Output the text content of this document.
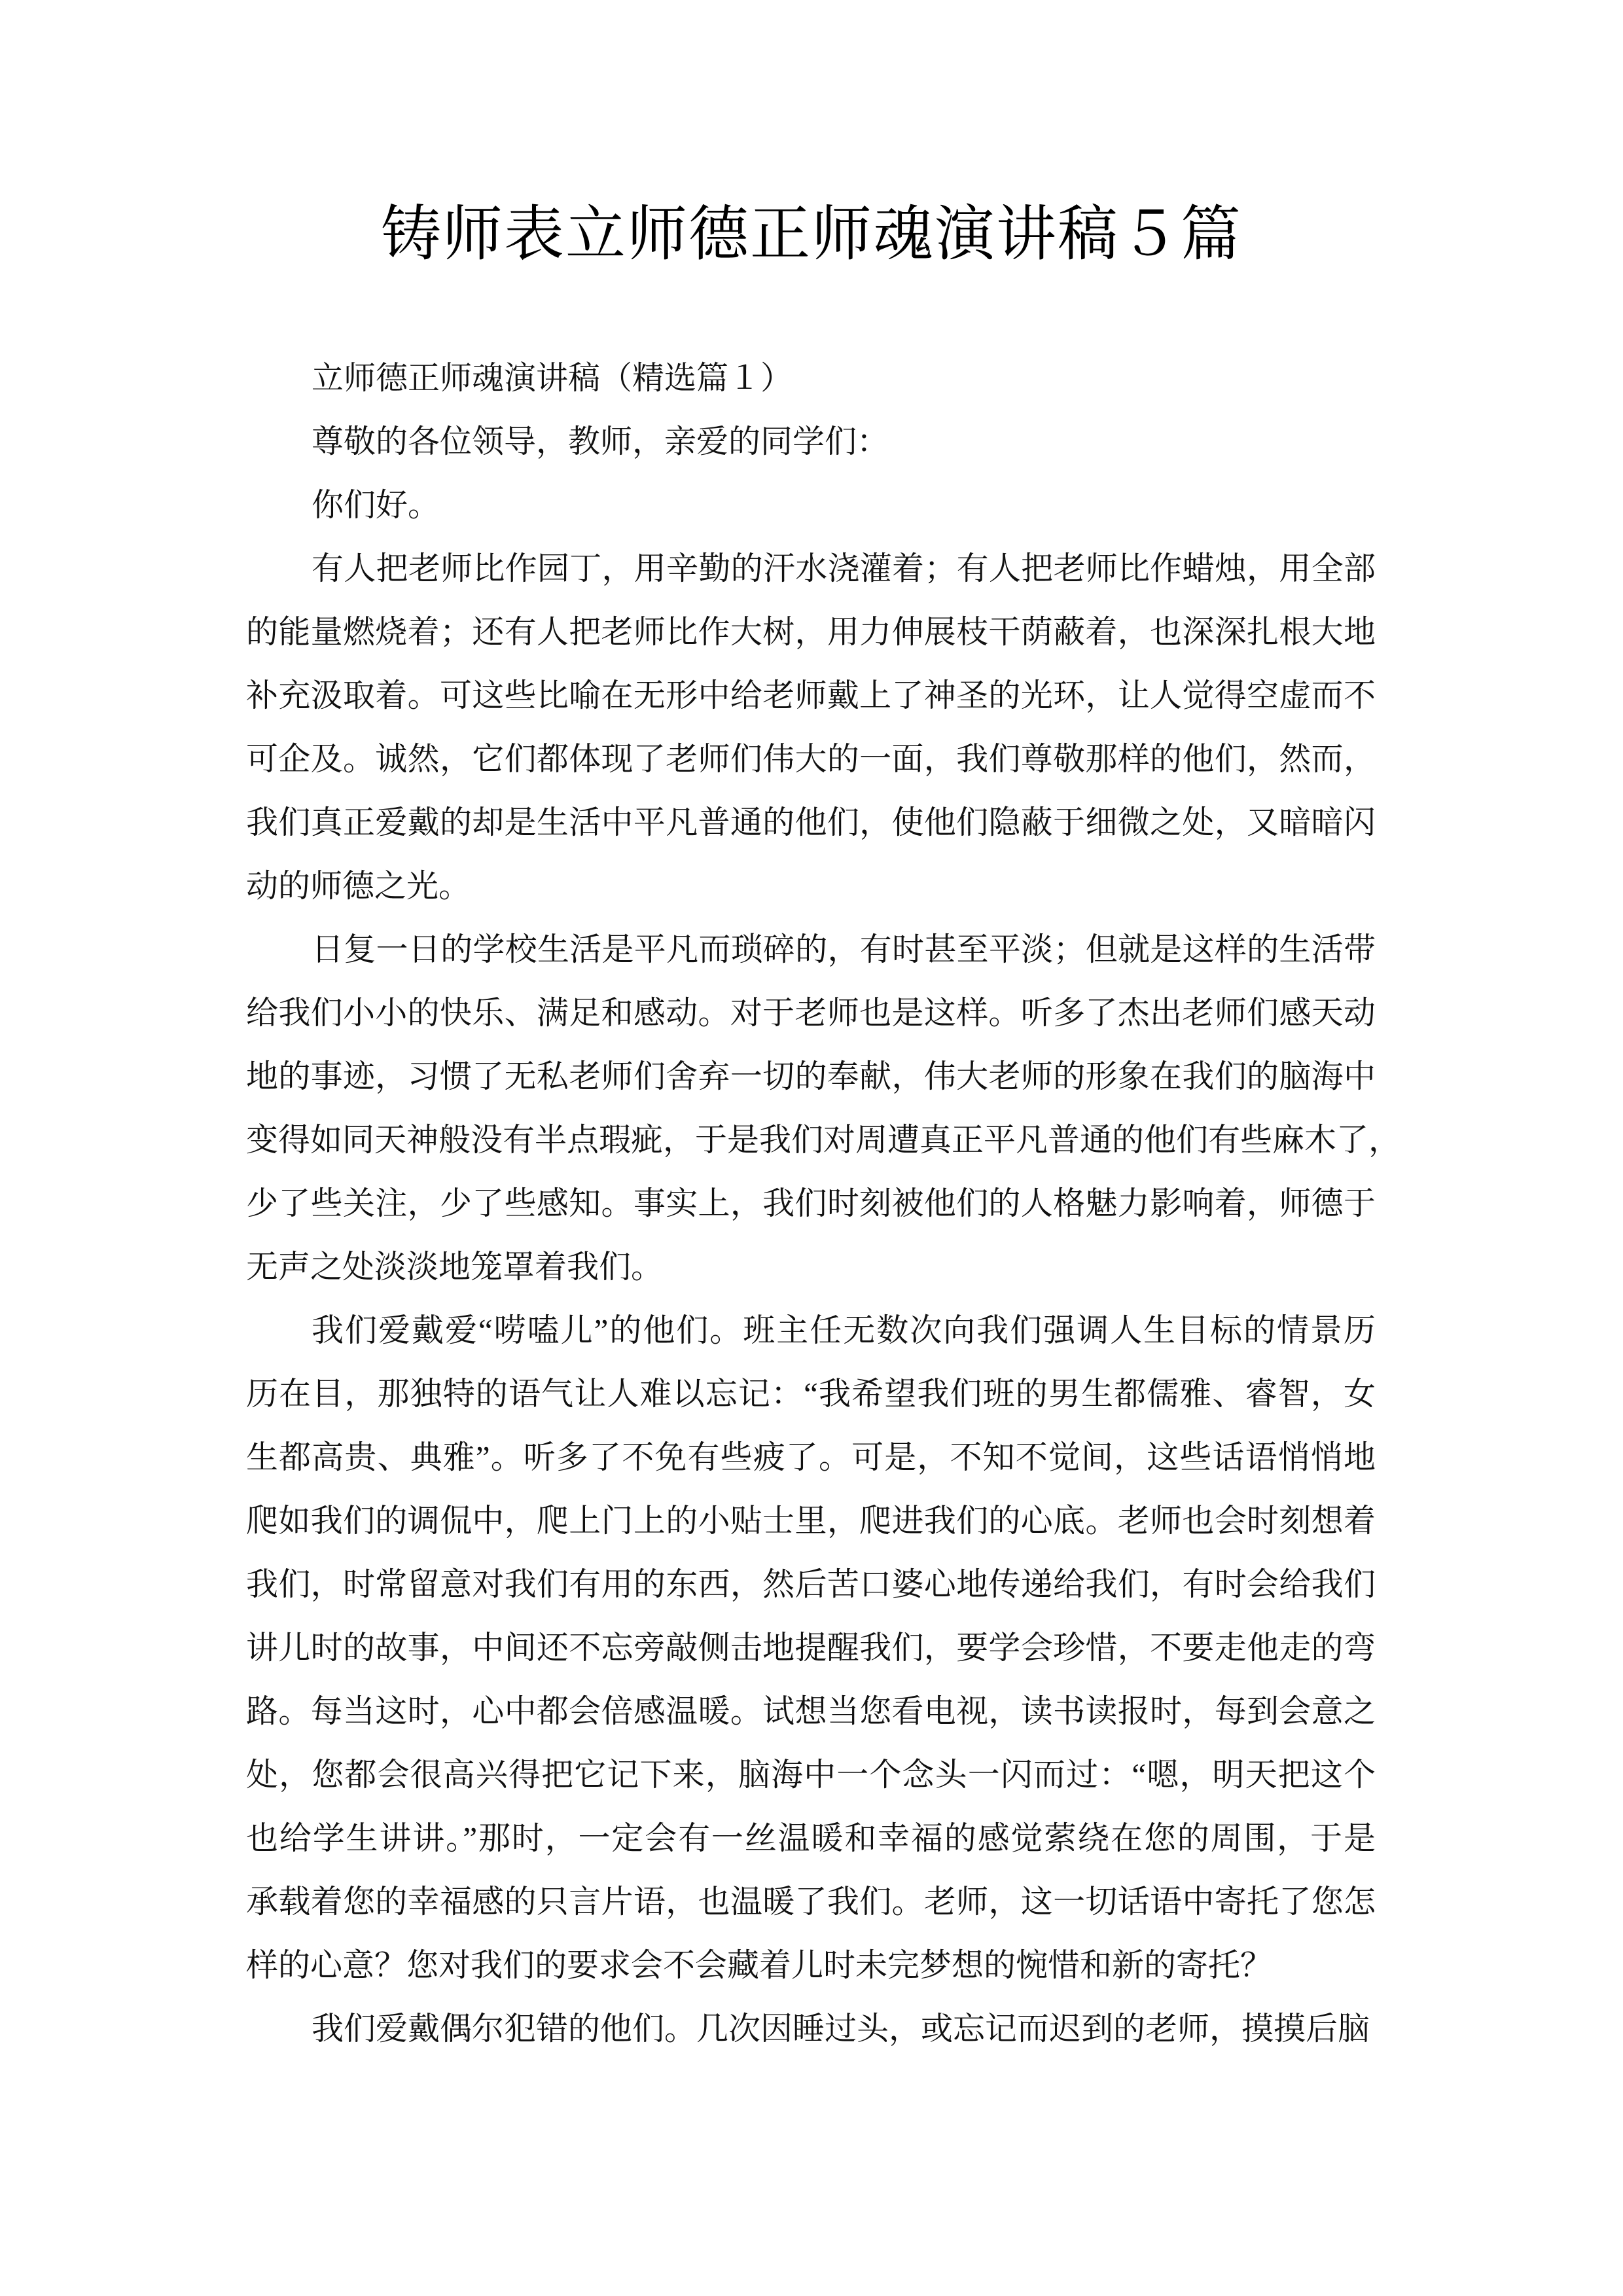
铸师表立师德正师魂演讲稿５篇
立师德正师魂演讲稿（精选篇１）
尊敬的各位领导，教师，亲爱的同学们：
你们好。
有人把老师比作园丁，用辛勤的汗水浇灌着；有人把老师比作蜡烛，用全部
的能量燃烧着；还有人把老师比作大树，用力伸展枝干荫蔽着，也深深扎根大地
补充汲取着。可这些比喻在无形中给老师戴上了神圣的光环，让人觉得空虚而不
可企及。诚然，它们都体现了老师们伟大的一面，我们尊敬那样的他们，然而，
我们真正爱戴的却是生活中平凡普通的他们，使他们隐蔽于细微之处，又暗暗闪
动的师德之光。
日复一日的学校生活是平凡而琐碎的，有时甚至平淡；但就是这样的生活带
给我们小小的快乐、满足和感动。对于老师也是这样。听多了杰出老师们感天动
地的事迹，习惯了无私老师们舍弃一切的奉献，伟大老师的形象在我们的脑海中
变得如同天神般没有半点瑕疵，于是我们对周遭真正平凡普通的他们有些麻木了，
少了些关注，少了些感知。事实上，我们时刻被他们的人格魅力影响着，师德于
无声之处淡淡地笼罩着我们。
我们爱戴爱“唠嗑儿”的他们。班主任无数次向我们强调人生目标的情景历
历在目，那独特的语气让人难以忘记：“我希望我们班的男生都儒雅、睿智，女
生都高贵、典雅”。听多了不免有些疲了。可是，不知不觉间，这些话语悄悄地
爬如我们的调侃中，爬上门上的小贴士里，爬进我们的心底。老师也会时刻想着
我们，时常留意对我们有用的东西，然后苦口婆心地传递给我们，有时会给我们
讲儿时的故事，中间还不忘旁敲侧击地提醒我们，要学会珍惜，不要走他走的弯
路。每当这时，心中都会倍感温暖。试想当您看电视，读书读报时，每到会意之
处，您都会很高兴得把它记下来，脑海中一个念头一闪而过：“嗯，明天把这个
也给学生讲讲。”那时，一定会有一丝温暖和幸福的感觉萦绕在您的周围，于是
承载着您的幸福感的只言片语，也温暖了我们。老师，这一切话语中寄托了您怎
样的心意？您对我们的要求会不会藏着儿时未完梦想的惋惜和新的寄托？
我们爱戴偶尔犯错的他们。几次因睡过头，或忘记而迟到的老师，摸摸后脑
